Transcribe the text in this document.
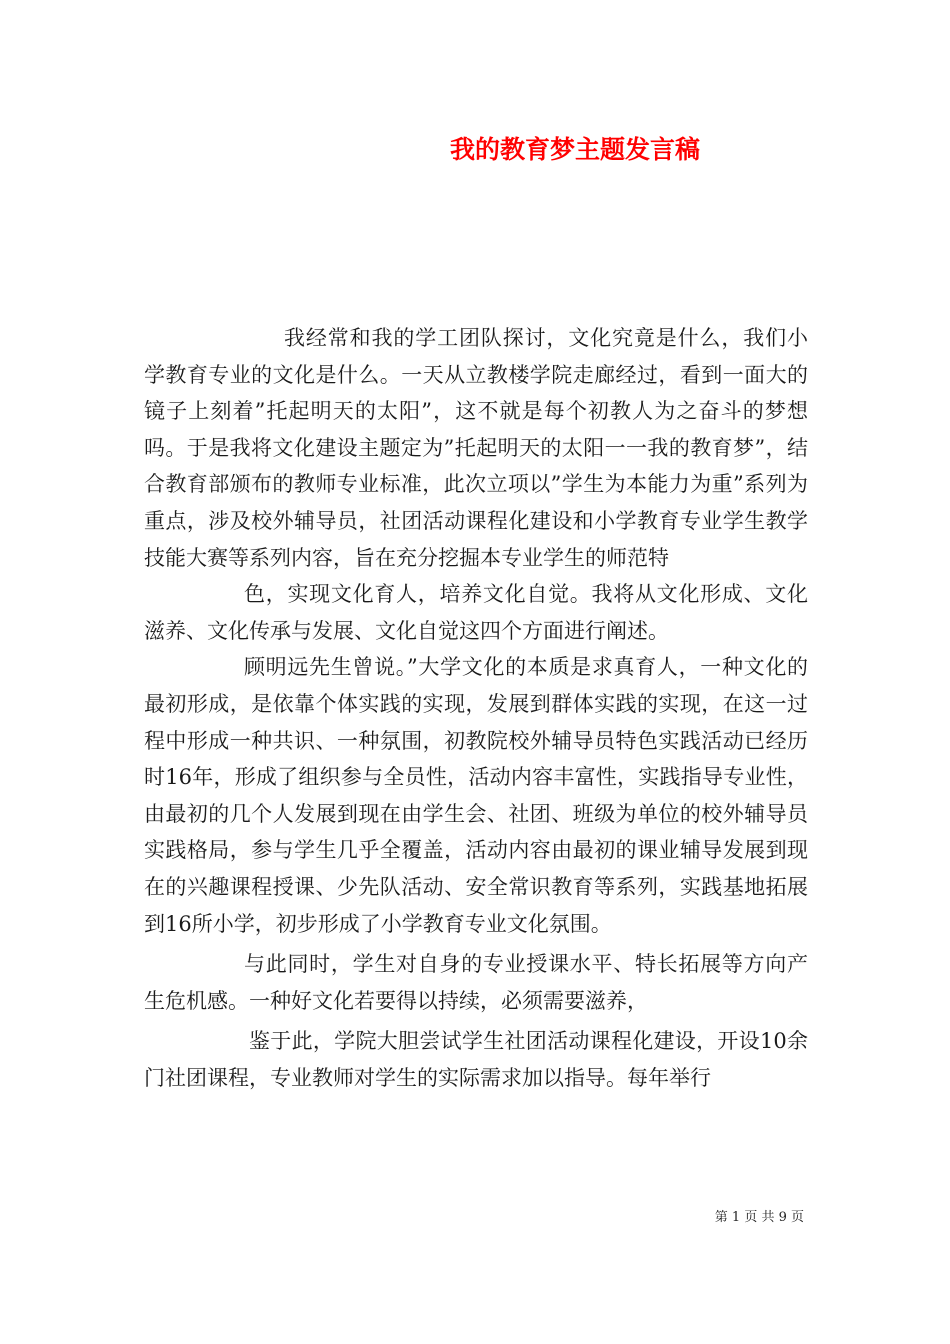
我的教育梦主题发言稿

我经常和我的学工团队探讨，文化究竟是什么，我们小学教育专业的文化是什么。一天从立教楼学院走廊经过，看到一面大的镜子上刻着”托起明天的太阳”，这不就是每个初教人为之奋斗的梦想吗。于是我将文化建设主题定为”托起明天的太阳一一我的教育梦”，结合教育部颁布的教师专业标准，此次立项以”学生为本能力为重”系列为重点，涉及校外辅导员，社团活动课程化建设和小学教育专业学生教学技能大赛等系列内容，旨在充分挖掘本专业学生的师范特

色，实现文化育人，培养文化自觉。我将从文化形成、文化滋养、文化传承与发展、文化自觉这四个方面进行阐述。

顾明远先生曾说。”大学文化的本质是求真育人，一种文化的最初形成，是依靠个体实践的实现，发展到群体实践的实现，在这一过程中形成一种共识、一种氛围，初教院校外辅导员特色实践活动已经历时16年，形成了组织参与全员性，活动内容丰富性，实践指导专业性，由最初的几个人发展到现在由学生会、社团、班级为单位的校外辅导员实践格局，参与学生几乎全覆盖，活动内容由最初的课业辅导发展到现在的兴趣课程授课、少先队活动、安全常识教育等系列，实践基地拓展到16所小学，初步形成了小学教育专业文化氛围。

与此同时，学生对自身的专业授课水平、特长拓展等方向产生危机感。一种好文化若要得以持续，必须需要滋养，

鉴于此，学院大胆尝试学生社团活动课程化建设，开设10余门社团课程，专业教师对学生的实际需求加以指导。每年举行

第 1 页 共 9 页
